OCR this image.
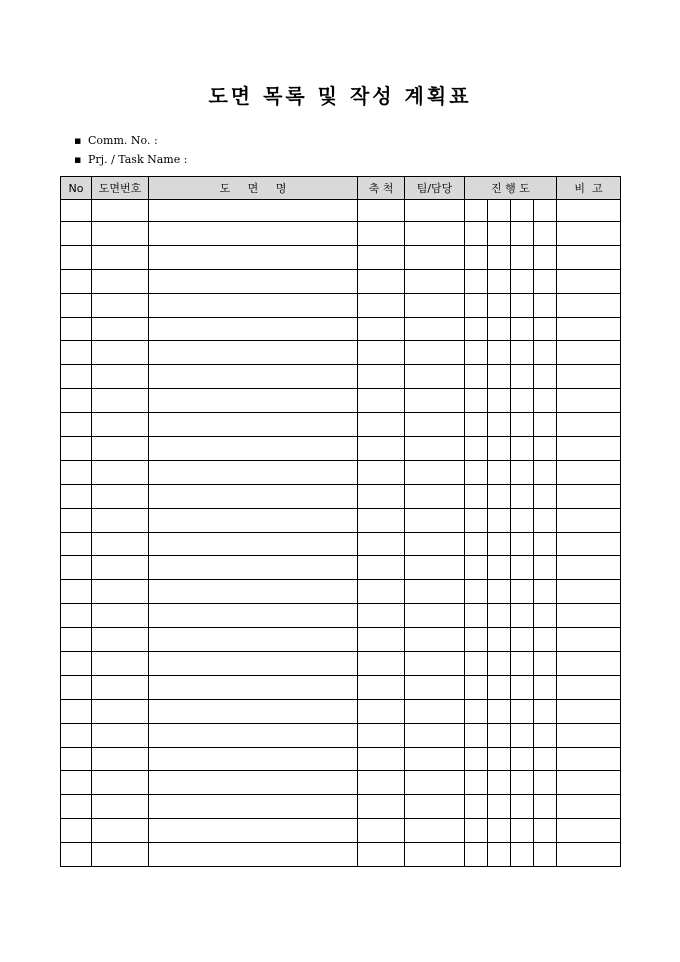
도면 목록 및 작성 계획표
▪ Comm. No. :
▪ Prj. / Task Name :
No	도면번호	도     면     명	축 척	팀/담당	진 행 도				비  고
